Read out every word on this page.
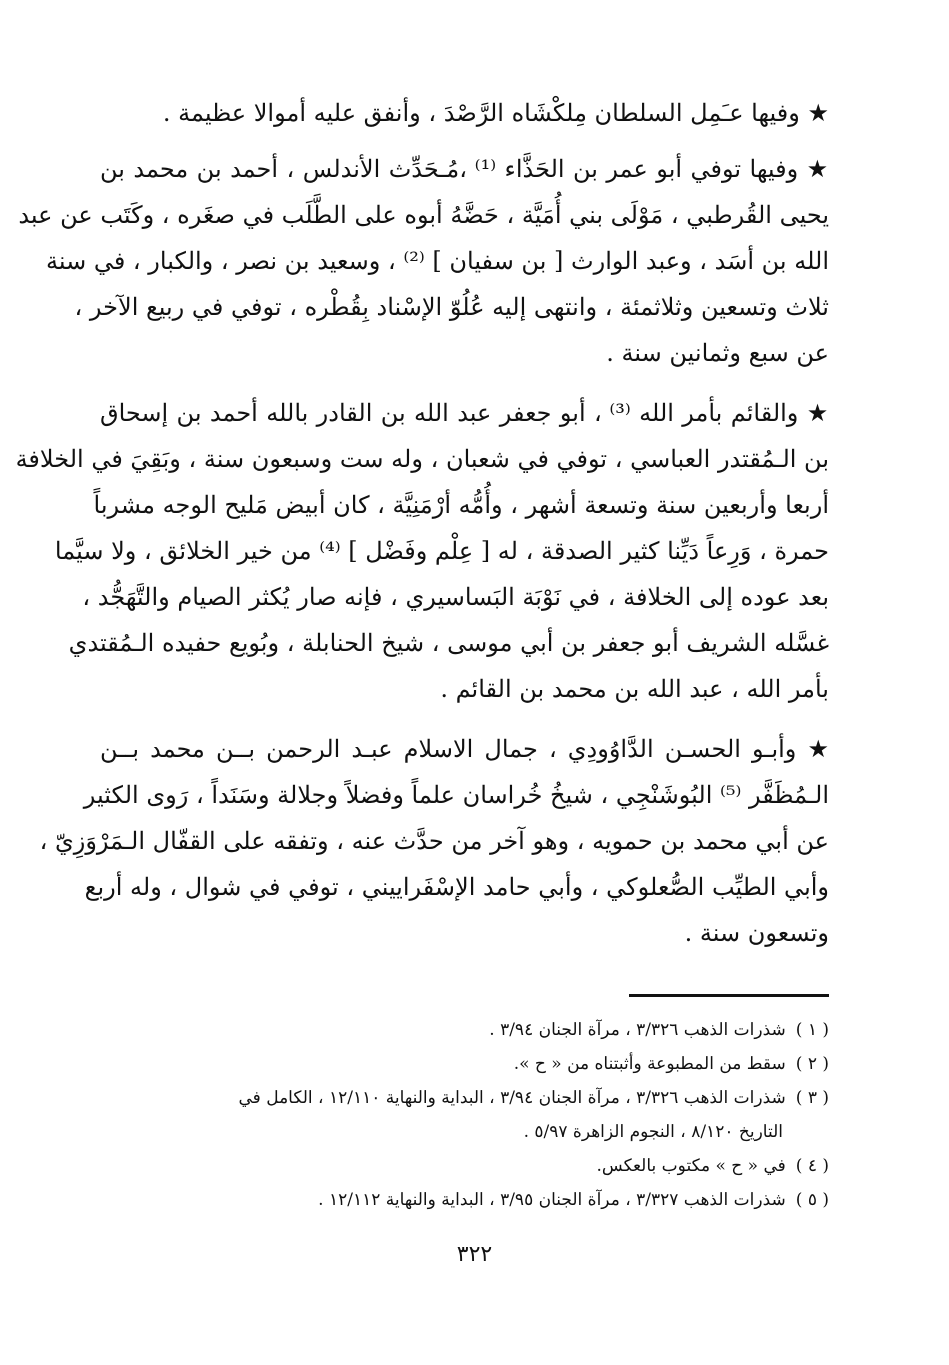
★ وفيها عـَمِل السلطان مِلكْشَاه الرَّصْدَ ، وأنفق عليه أموالا عظيمة .

★ وفيها توفي أبو عمر بن الحَذَّاء ⁽¹⁾ ،مُـحَدِّث الأندلس ، أحمد بن محمد بن
يحيى القُرطبي ، مَوْلَى بني أُمَيَّة ، حَضَّهُ أبوه على الطَّلَب في صغَره ، وكَتَب عن عبد
الله بن أسَد ، وعبد الوارث [ بن سفيان ] ⁽²⁾ ، وسعيد بن نصر ، والكبار ، في سنة
ثلاث وتسعين وثلاثمئة ، وانتهى إليه عُلُوّ الإسْناد بِقُطْره ، توفي في ربيع الآخر ،
عن سبع وثمانين سنة .

★ والقائم بأمر الله ⁽³⁾ ، أبو جعفر عبد الله بن القادر بالله أحمد بن إسحاق
بن الـمُقتدر العباسي ، توفي في شعبان ، وله ست وسبعون سنة ، وبَقِيَ في الخلافة
أربعا وأربعين سنة وتسعة أشهر ، وأُمُّه أرْمَنِيَّة ، كان أبيض مَليح الوجه مشرباً
حمرة ، وَرِعاً دَيِّنا كثير الصدقة ، له [ عِلْم وفَضْل ] ⁽⁴⁾ من خير الخلائق ، ولا سيَّما
بعد عوده إلى الخلافة ، في نَوْبَة البَساسيري ، فإنه صار يُكثر الصيام والتَّهَجُّد ،
غسَّله الشريف أبو جعفر بن أبي موسى ، شيخ الحنابلة ، وبُويع حفيده الـمُقتدي
بأمر الله ، عبد الله بن محمد بن القائم .

★ وأبـو الحسـن الدَّاوُودِي ، جمال الاسلام عبـد الرحمن بــن محمد بــن
الـمُظَفَّر ⁽⁵⁾ البُوشَنْجِي ، شيخُ خُراسان علماً وفضلاً وجلالة وسَنَداً ، رَوى الكثير
عن أبي محمد بن حمويه ، وهو آخر من حدَّث عنه ، وتفقه على القفّال الـمَرْوَزِيّ ،
وأبي الطيِّب الصُّعلوكي ، وأبي حامد الإسْفَراييني ، توفي في شوال ، وله أربع
وتسعون سنة .

( ١ )شذرات الذهب ٣/٣٢٦ ، مرآة الجنان ٣/٩٤ .
( ٢ )سقط من المطبوعة وأثبتناه من « ح ».
( ٣ )شذرات الذهب ٣/٣٢٦ ، مرآة الجنان ٣/٩٤ ، البداية والنهاية ١٢/١١٠ ، الكامل في
التاريخ ٨/١٢٠ ، النجوم الزاهرة ٥/٩٧ .
( ٤ )في « ح » مكتوب بالعكس.
( ٥ )شذرات الذهب ٣/٣٢٧ ، مرآة الجنان ٣/٩٥ ، البداية والنهاية ١٢/١١٢ .
٣٢٢
